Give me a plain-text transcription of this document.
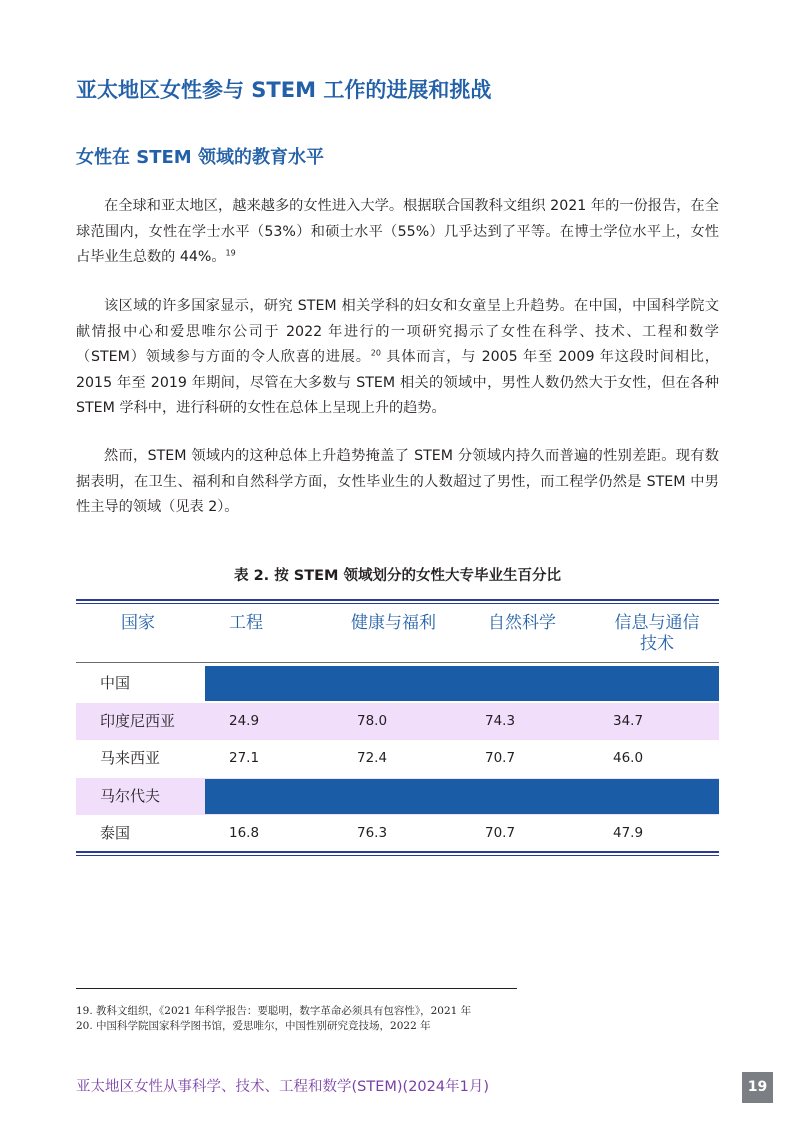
亚太地区女性参与 STEM 工作的进展和挑战
女性在 STEM 领域的教育水平

在全球和亚太地区，越来越多的女性进入大学。根据联合国教科文组织 2021 年的一份报告，在全球范围内，女性在学士水平（53%）和硕士水平（55%）几乎达到了平等。在博士学位水平上，女性占毕业生总数的 44%。$^{19}$

该区域的许多国家显示，研究 STEM 相关学科的妇女和女童呈上升趋势。在中国，中国科学院文献情报中心和爱思唯尔公司于 2022 年进行的一项研究揭示了女性在科学、技术、工程和数学（STEM）领域参与方面的令人欣喜的进展。$^{20}$ 具体而言，与 2005 年至 2009 年这段时间相比，2015 年至 2019 年期间，尽管在大多数与 STEM 相关的领域中，男性人数仍然大于女性，但在各种 STEM 学科中，进行科研的女性在总体上呈现上升的趋势。

然而，STEM 领域内的这种总体上升趋势掩盖了 STEM 分领域内持久而普遍的性别差距。现有数据表明，在卫生、福利和自然科学方面，女性毕业生的人数超过了男性，而工程学仍然是 STEM 中男性主导的领域（见表 2）。

表 2. 按 STEM 领域划分的女性大专毕业生百分比
国家	工程	健康与福利	自然科学	信息与通信技术
中国
印度尼西亚	24.9	78.0	74.3	34.7
马来西亚	27.1	72.4	70.7	46.0
马尔代夫
泰国	16.8	76.3	70.7	47.9
19. 教科文组织，《2021 年科学报告：要聪明，数字革命必须具有包容性》，2021 年
20. 中国科学院国家科学图书馆，爱思唯尔，中国性别研究竞技场，2022 年
亚太地区女性从事科学、技术、工程和数学(STEM)(2024年1月)	19
